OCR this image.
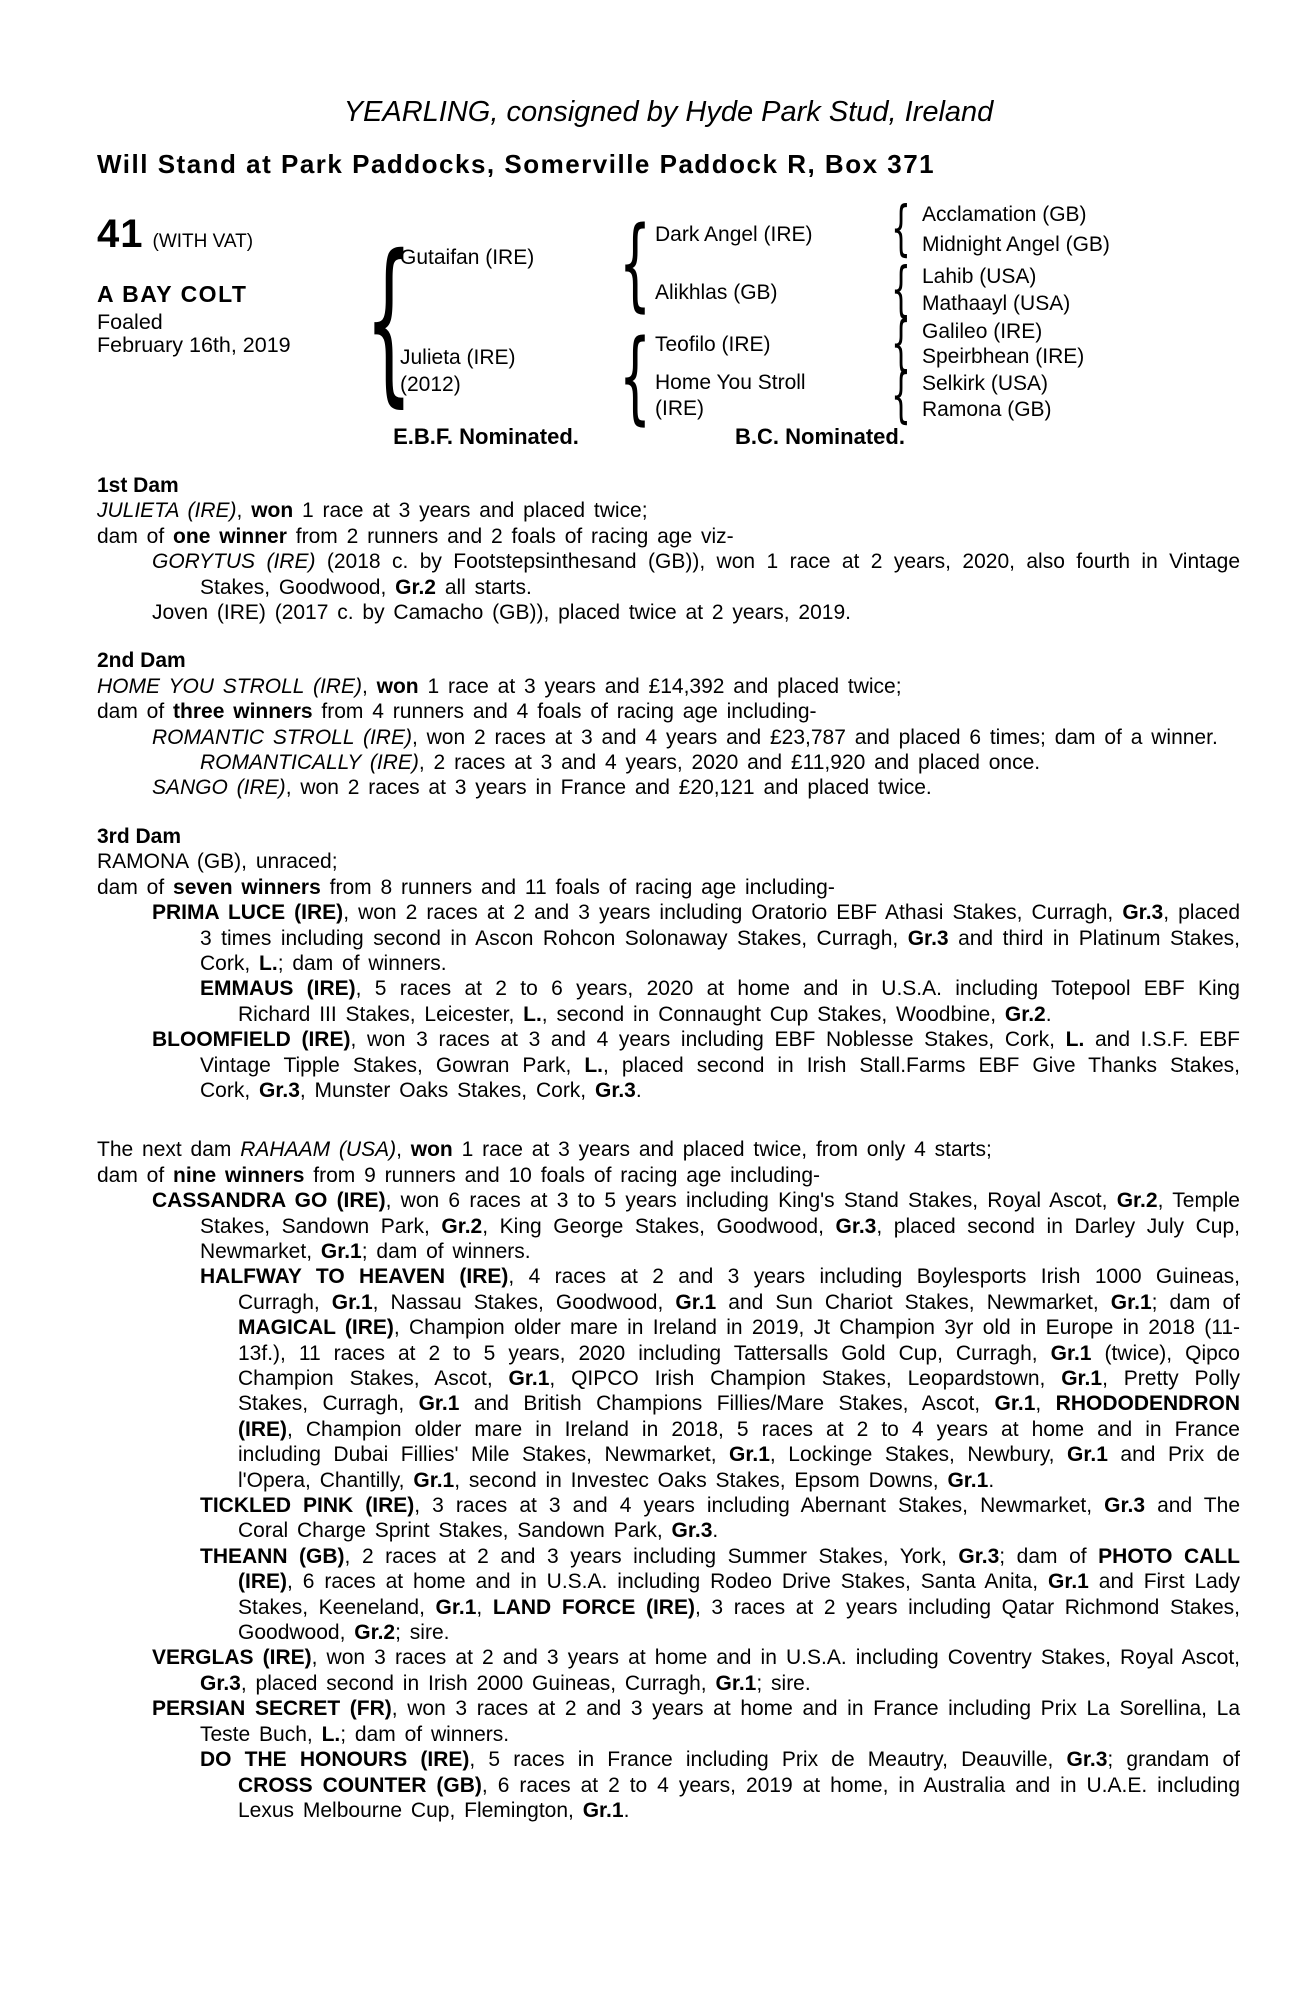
YEARLING, consigned by Hyde Park Stud, Ireland
Will Stand at Park Paddocks, Somerville Paddock R, Box 371
41 (WITH VAT)
A BAY COLT
Foaled
February 16th, 2019
{
Gutaifan (IRE)
Julieta (IRE)
(2012)
{
{
Dark Angel (IRE)
Alikhlas (GB)
Teofilo (IRE)
Home You Stroll
(IRE)
{
{
{
{
Acclamation (GB)
Midnight Angel (GB)
Lahib (USA)
Mathaayl (USA)
Galileo (IRE)
Speirbhean (IRE)
Selkirk (USA)
Ramona (GB)
E.B.F. Nominated.	B.C. Nominated.
1st Dam

JULIETA (IRE), won 1 race at 3 years and placed twice;

dam of one winner from 2 runners and 2 foals of racing age viz-

GORYTUS (IRE) (2018 c. by Footstepsinthesand (GB)), won 1 race at 2 years, 2020, also fourth in Vintage Stakes, Goodwood, Gr.2 all starts.

Joven (IRE) (2017 c. by Camacho (GB)), placed twice at 2 years, 2019.

2nd Dam

HOME YOU STROLL (IRE), won 1 race at 3 years and £14,392 and placed twice;

dam of three winners from 4 runners and 4 foals of racing age including-

ROMANTIC STROLL (IRE), won 2 races at 3 and 4 years and £23,787 and placed 6 times; dam of a winner.

ROMANTICALLY (IRE), 2 races at 3 and 4 years, 2020 and £11,920 and placed once.

SANGO (IRE), won 2 races at 3 years in France and £20,121 and placed twice.

3rd Dam

RAMONA (GB), unraced;

dam of seven winners from 8 runners and 11 foals of racing age including-

PRIMA LUCE (IRE), won 2 races at 2 and 3 years including Oratorio EBF Athasi Stakes, Curragh, Gr.3, placed 3 times including second in Ascon Rohcon Solonaway Stakes, Curragh, Gr.3 and third in Platinum Stakes, Cork, L.; dam of winners.

EMMAUS (IRE), 5 races at 2 to 6 years, 2020 at home and in U.S.A. including Totepool EBF King Richard III Stakes, Leicester, L., second in Connaught Cup Stakes, Woodbine, Gr.2.

BLOOMFIELD (IRE), won 3 races at 3 and 4 years including EBF Noblesse Stakes, Cork, L. and I.S.F. EBF Vintage Tipple Stakes, Gowran Park, L., placed second in Irish Stall.Farms EBF Give Thanks Stakes, Cork, Gr.3, Munster Oaks Stakes, Cork, Gr.3.

The next dam RAHAAM (USA), won 1 race at 3 years and placed twice, from only 4 starts;

dam of nine winners from 9 runners and 10 foals of racing age including-

CASSANDRA GO (IRE), won 6 races at 3 to 5 years including King's Stand Stakes, Royal Ascot, Gr.2, Temple Stakes, Sandown Park, Gr.2, King George Stakes, Goodwood, Gr.3, placed second in Darley July Cup, Newmarket, Gr.1; dam of winners.

HALFWAY TO HEAVEN (IRE), 4 races at 2 and 3 years including Boylesports Irish 1000 Guineas, Curragh, Gr.1, Nassau Stakes, Goodwood, Gr.1 and Sun Chariot Stakes, Newmarket, Gr.1; dam of MAGICAL (IRE), Champion older mare in Ireland in 2019, Jt Champion 3yr old in Europe in 2018 (11-13f.), 11 races at 2 to 5 years, 2020 including Tattersalls Gold Cup, Curragh, Gr.1 (twice), Qipco Champion Stakes, Ascot, Gr.1, QIPCO Irish Champion Stakes, Leopardstown, Gr.1, Pretty Polly Stakes, Curragh, Gr.1 and British Champions Fillies/Mare Stakes, Ascot, Gr.1, RHODODENDRON (IRE), Champion older mare in Ireland in 2018, 5 races at 2 to 4 years at home and in France including Dubai Fillies' Mile Stakes, Newmarket, Gr.1, Lockinge Stakes, Newbury, Gr.1 and Prix de l'Opera, Chantilly, Gr.1, second in Investec Oaks Stakes, Epsom Downs, Gr.1.

TICKLED PINK (IRE), 3 races at 3 and 4 years including Abernant Stakes, Newmarket, Gr.3 and The Coral Charge Sprint Stakes, Sandown Park, Gr.3.

THEANN (GB), 2 races at 2 and 3 years including Summer Stakes, York, Gr.3; dam of PHOTO CALL (IRE), 6 races at home and in U.S.A. including Rodeo Drive Stakes, Santa Anita, Gr.1 and First Lady Stakes, Keeneland, Gr.1, LAND FORCE (IRE), 3 races at 2 years including Qatar Richmond Stakes, Goodwood, Gr.2; sire.

VERGLAS (IRE), won 3 races at 2 and 3 years at home and in U.S.A. including Coventry Stakes, Royal Ascot, Gr.3, placed second in Irish 2000 Guineas, Curragh, Gr.1; sire.

PERSIAN SECRET (FR), won 3 races at 2 and 3 years at home and in France including Prix La Sorellina, La Teste Buch, L.; dam of winners.

DO THE HONOURS (IRE), 5 races in France including Prix de Meautry, Deauville, Gr.3; grandam of CROSS COUNTER (GB), 6 races at 2 to 4 years, 2019 at home, in Australia and in U.A.E. including Lexus Melbourne Cup, Flemington, Gr.1.
